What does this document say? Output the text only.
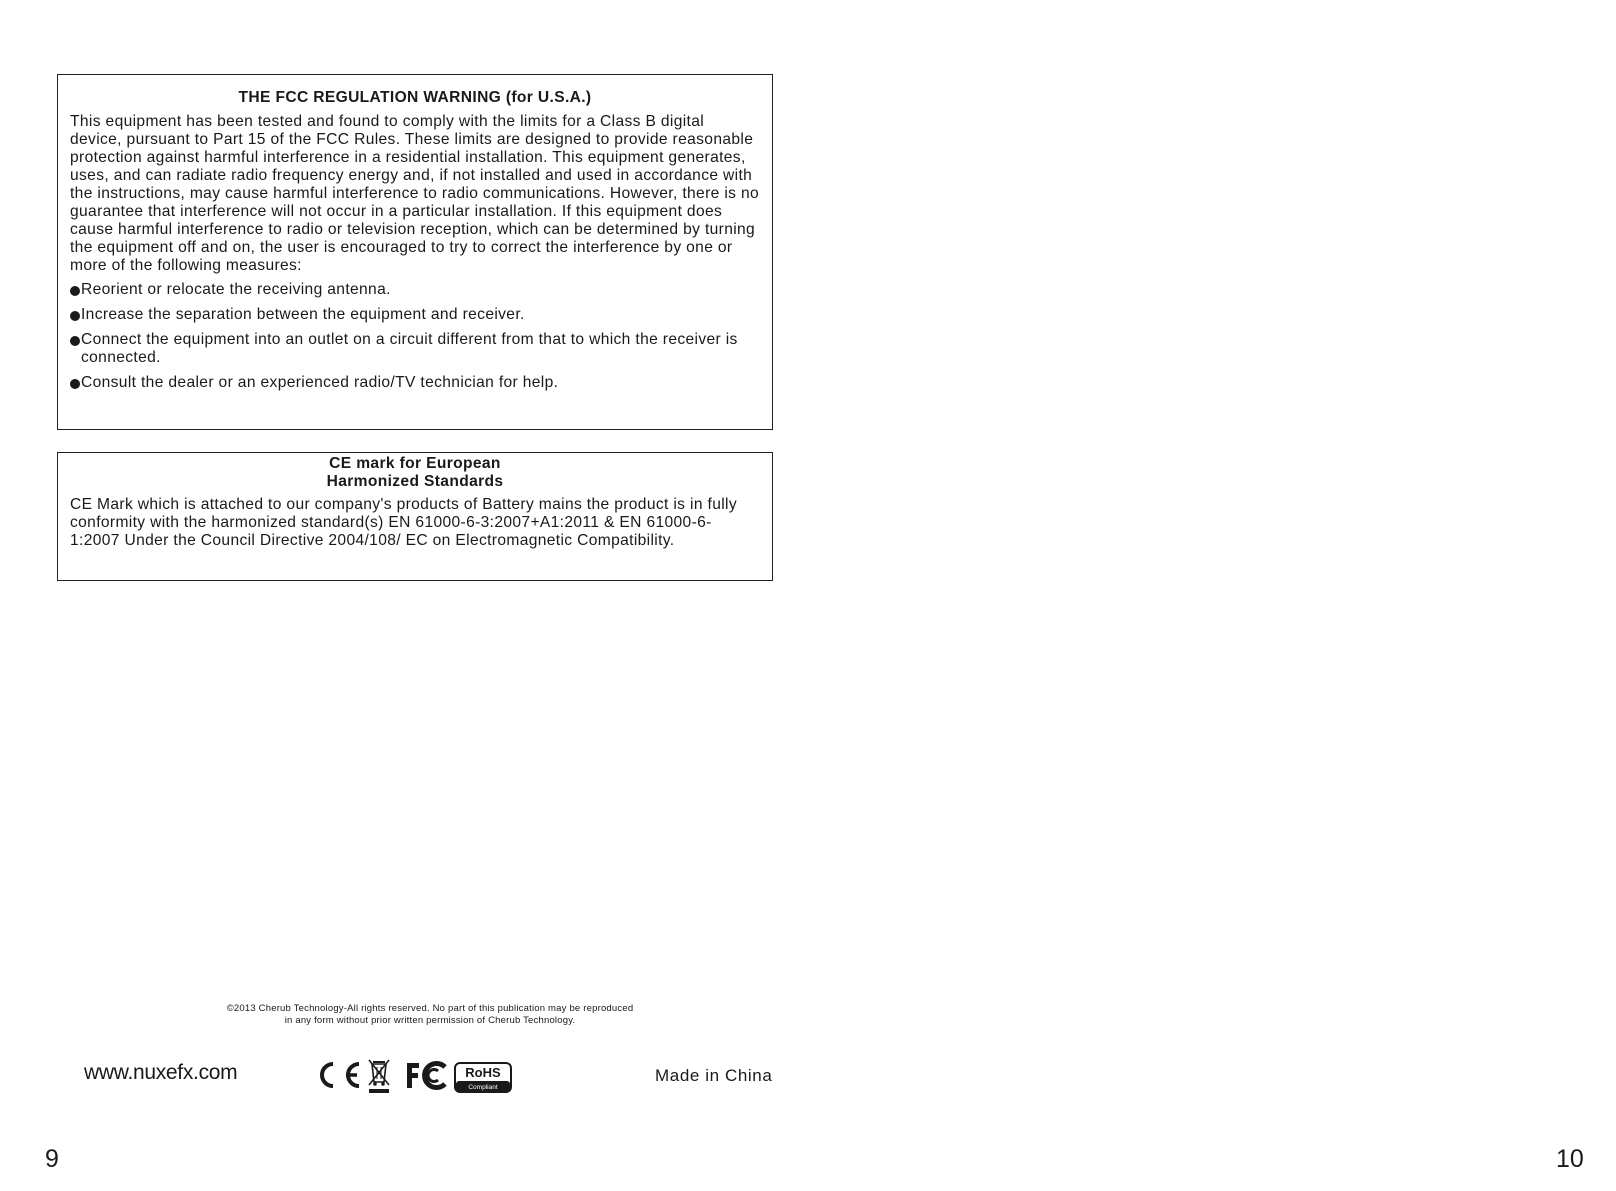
THE FCC REGULATION WARNING (for U.S.A.)

This equipment has been tested and found to comply with the limits for a Class B digital device, pursuant to Part 15 of the FCC Rules. These limits are designed to provide reasonable protection against harmful interference in a residential installation. This equipment generates, uses, and can radiate radio frequency energy and, if not installed and used in accordance with the instructions, may cause harmful interference to radio communications. However, there is no guarantee that interference will not occur in a particular installation. If this equipment does cause harmful interference to radio or television reception, which can be determined by turning the equipment off and on, the user is encouraged to try to correct the interference by one or more of the following measures:

Reorient or relocate the receiving antenna.
Increase the separation between the equipment and receiver.
Connect the equipment into an outlet on a circuit different from that to which the receiver is connected.
Consult the dealer or an experienced radio/TV technician for help.

CE mark for European
Harmonized Standards

CE Mark which is attached to our company's products of Battery mains the product is in fully conformity with the harmonized standard(s) EN 61000-6-3:2007+A1:2011 & EN 61000-6-1:2007 Under the Council Directive 2004/108/ EC on Electromagnetic Compatibility.

©2013 Cherub Technology-All rights reserved. No part of this publication may be reproduced
in any form without prior written permission of Cherub Technology.
www.nuxefx.com	RoHS
Compliant
Made in China
9	10
